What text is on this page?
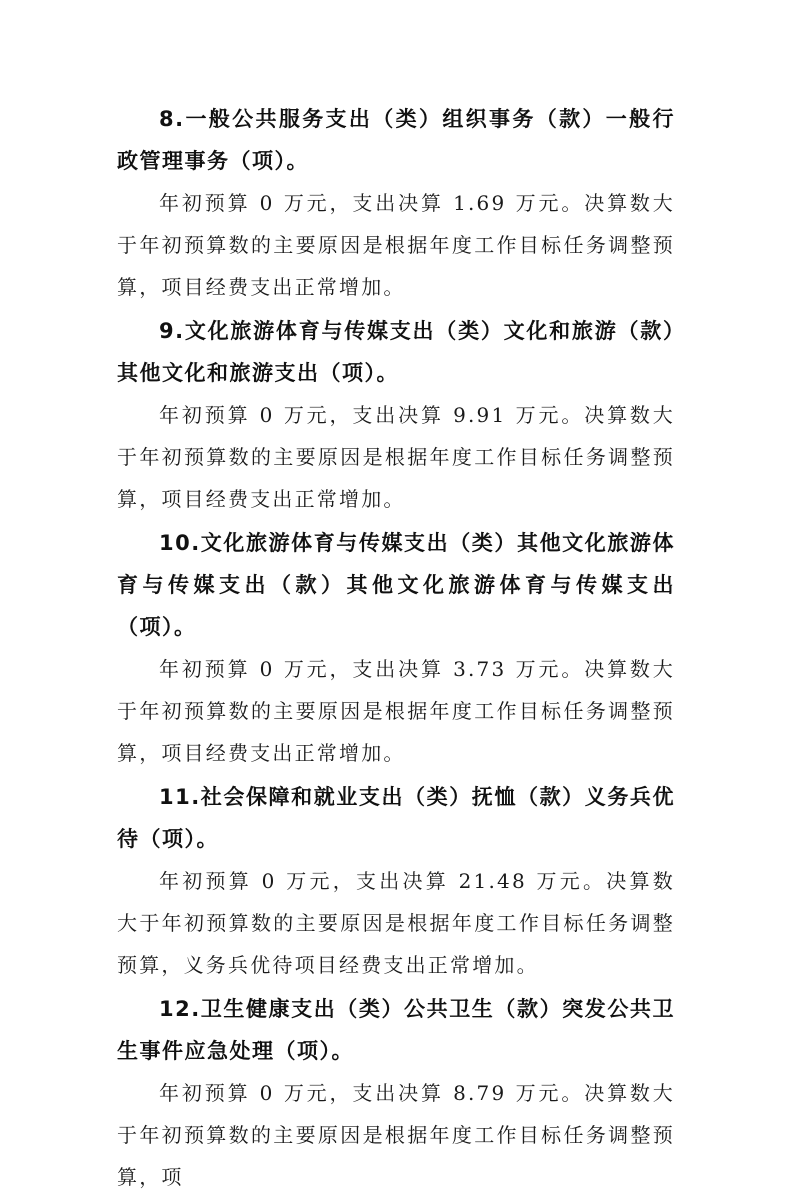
8.一般公共服务支出（类）组织事务（款）一般行政管理事务（项）。

年初预算 0 万元，支出决算 1.69 万元。决算数大于年初预算数的主要原因是根据年度工作目标任务调整预算，项目经费支出正常增加。

9.文化旅游体育与传媒支出（类）文化和旅游（款）其他文化和旅游支出（项）。

年初预算 0 万元，支出决算 9.91 万元。决算数大于年初预算数的主要原因是根据年度工作目标任务调整预算，项目经费支出正常增加。

10.文化旅游体育与传媒支出（类）其他文化旅游体育与传媒支出（款）其他文化旅游体育与传媒支出（项）。

年初预算 0 万元，支出决算 3.73 万元。决算数大于年初预算数的主要原因是根据年度工作目标任务调整预算，项目经费支出正常增加。

11.社会保障和就业支出（类）抚恤（款）义务兵优待（项）。

年初预算 0 万元，支出决算 21.48 万元。决算数大于年初预算数的主要原因是根据年度工作目标任务调整预算，义务兵优待项目经费支出正常增加。

12.卫生健康支出（类）公共卫生（款）突发公共卫生事件应急处理（项）。

年初预算 0 万元，支出决算 8.79 万元。决算数大于年初预算数的主要原因是根据年度工作目标任务调整预算，项
